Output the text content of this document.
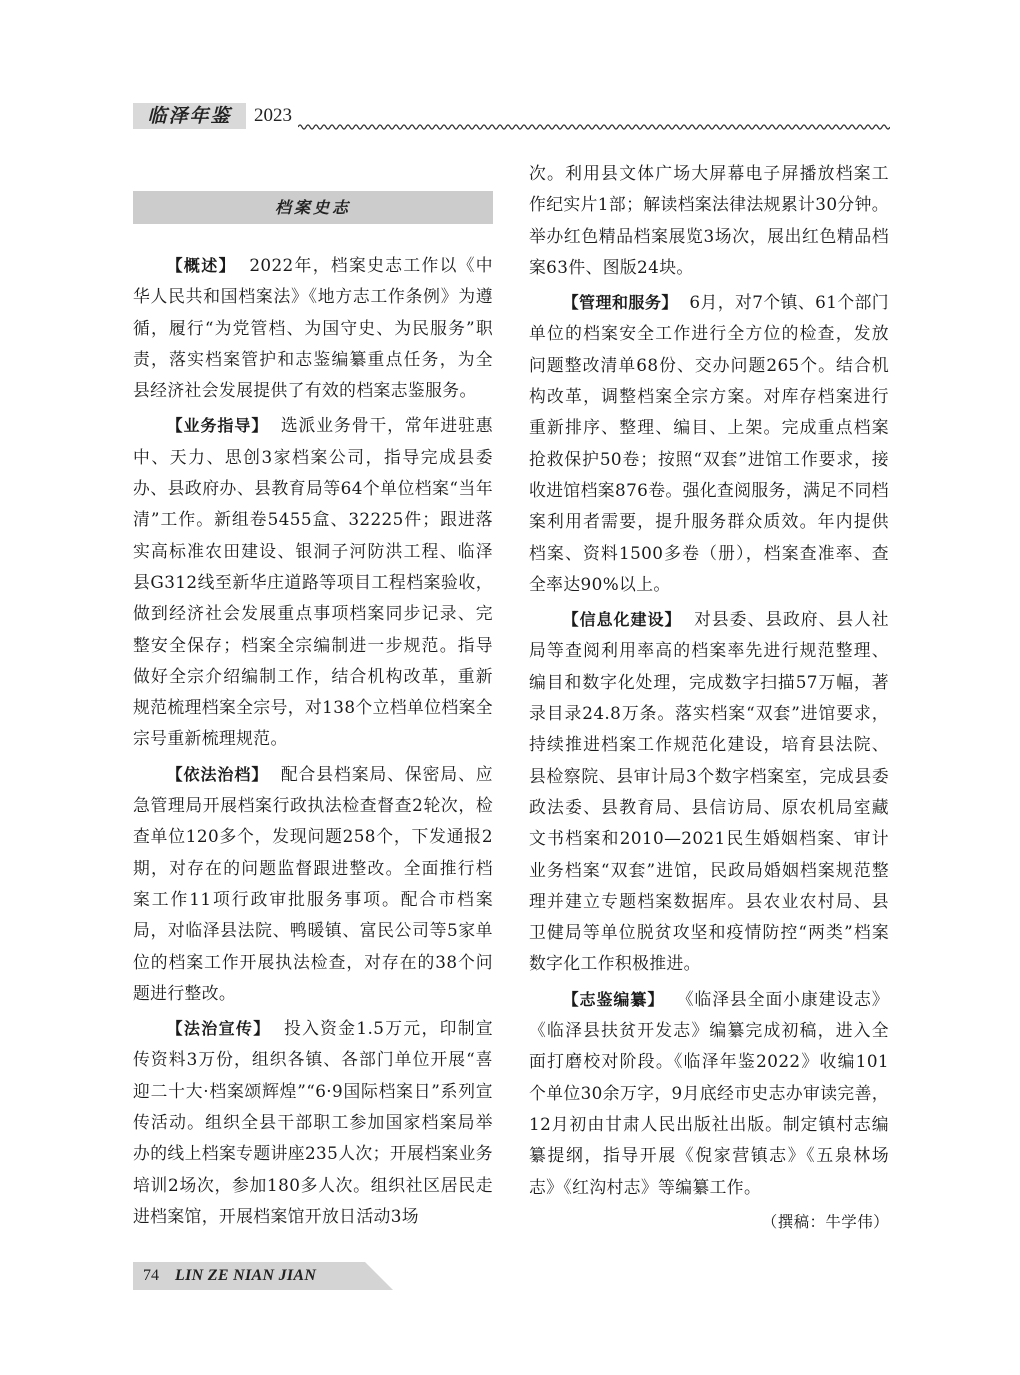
临泽年鉴	2023
档案史志

【概述】 2022年，档案史志工作以《中华人民共和国档案法》《地方志工作条例》为遵循，履行“为党管档、为国守史、为民服务”职责，落实档案管护和志鉴编纂重点任务，为全县经济社会发展提供了有效的档案志鉴服务。

【业务指导】 选派业务骨干，常年进驻惠中、天力、思创3家档案公司，指导完成县委办、县政府办、县教育局等64个单位档案“当年清”工作。新组卷5455盒、32225件；跟进落实高标准农田建设、银洞子河防洪工程、临泽县G312线至新华庄道路等项目工程档案验收，做到经济社会发展重点事项档案同步记录、完整安全保存；档案全宗编制进一步规范。指导做好全宗介绍编制工作，结合机构改革，重新规范梳理档案全宗号，对138个立档单位档案全宗号重新梳理规范。

【依法治档】 配合县档案局、保密局、应急管理局开展档案行政执法检查督查2轮次，检查单位120多个，发现问题258个，下发通报2期，对存在的问题监督跟进整改。全面推行档案工作11项行政审批服务事项。配合市档案局，对临泽县法院、鸭暖镇、富民公司等5家单位的档案工作开展执法检查，对存在的38个问题进行整改。

【法治宣传】 投入资金1.5万元，印制宣传资料3万份，组织各镇、各部门单位开展“喜迎二十大·档案颂辉煌”“6·9国际档案日”系列宣传活动。组织全县干部职工参加国家档案局举办的线上档案专题讲座235人次；开展档案业务培训2场次，参加180多人次。组织社区居民走进档案馆，开展档案馆开放日活动3场

次。利用县文体广场大屏幕电子屏播放档案工作纪实片1部；解读档案法律法规累计30分钟。举办红色精品档案展览3场次，展出红色精品档案63件、图版24块。

【管理和服务】 6月，对7个镇、61个部门单位的档案安全工作进行全方位的检查，发放问题整改清单68份、交办问题265个。结合机构改革，调整档案全宗方案。对库存档案进行重新排序、整理、编目、上架。完成重点档案抢救保护50卷；按照“双套”进馆工作要求，接收进馆档案876卷。强化查阅服务，满足不同档案利用者需要，提升服务群众质效。年内提供档案、资料1500多卷（册），档案查准率、查全率达90%以上。

【信息化建设】 对县委、县政府、县人社局等查阅利用率高的档案率先进行规范整理、编目和数字化处理，完成数字扫描57万幅，著录目录24.8万条。落实档案“双套”进馆要求，持续推进档案工作规范化建设，培育县法院、县检察院、县审计局3个数字档案室，完成县委政法委、县教育局、县信访局、原农机局室藏文书档案和2010—2021民生婚姻档案、审计业务档案“双套”进馆，民政局婚姻档案规范整理并建立专题档案数据库。县农业农村局、县卫健局等单位脱贫攻坚和疫情防控“两类”档案数字化工作积极推进。

【志鉴编纂】 《临泽县全面小康建设志》《临泽县扶贫开发志》编纂完成初稿，进入全面打磨校对阶段。《临泽年鉴2022》收编101个单位30余万字，9月底经市史志办审读完善，12月初由甘肃人民出版社出版。制定镇村志编纂提纲，指导开展《倪家营镇志》《五泉林场志》《红沟村志》等编纂工作。

（撰稿：牛学伟）

74 LIN ZE NIAN JIAN
